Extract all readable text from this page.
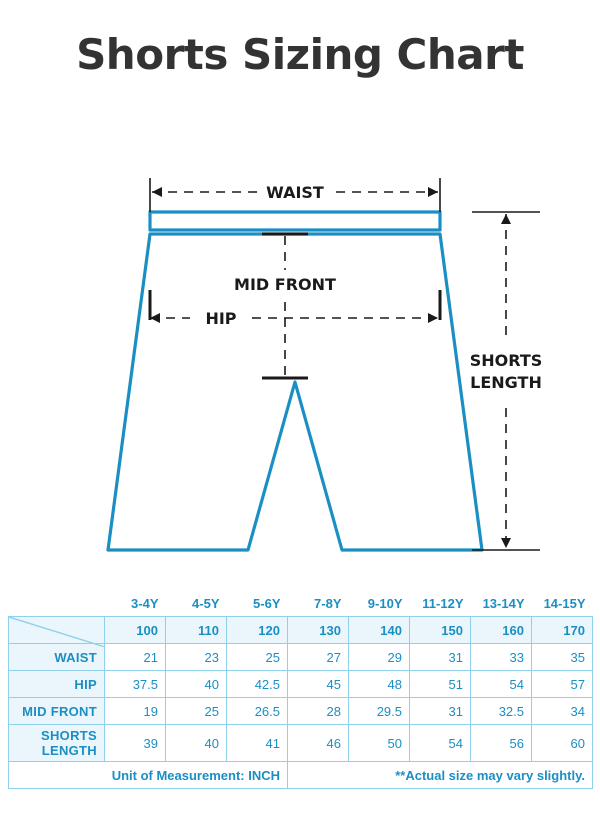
Shorts Sizing Chart
WAIST
MID FRONT
HIP
SHORTS
LENGTH
	3-4Y	4-5Y	5-6Y	7-8Y	9-10Y	11-12Y	13-14Y	14-15Y

	100	110	120	130	140	150	160	170
WAIST	21	23	25	27	29	31	33	35
HIP	37.5	40	42.5	45	48	51	54	57
MID FRONT	19	25	26.5	28	29.5	31	32.5	34
SHORTS LENGTH	39	40	41	46	50	54	56	60
Unit of Measurement: INCH				**Actual size may vary slightly.				
